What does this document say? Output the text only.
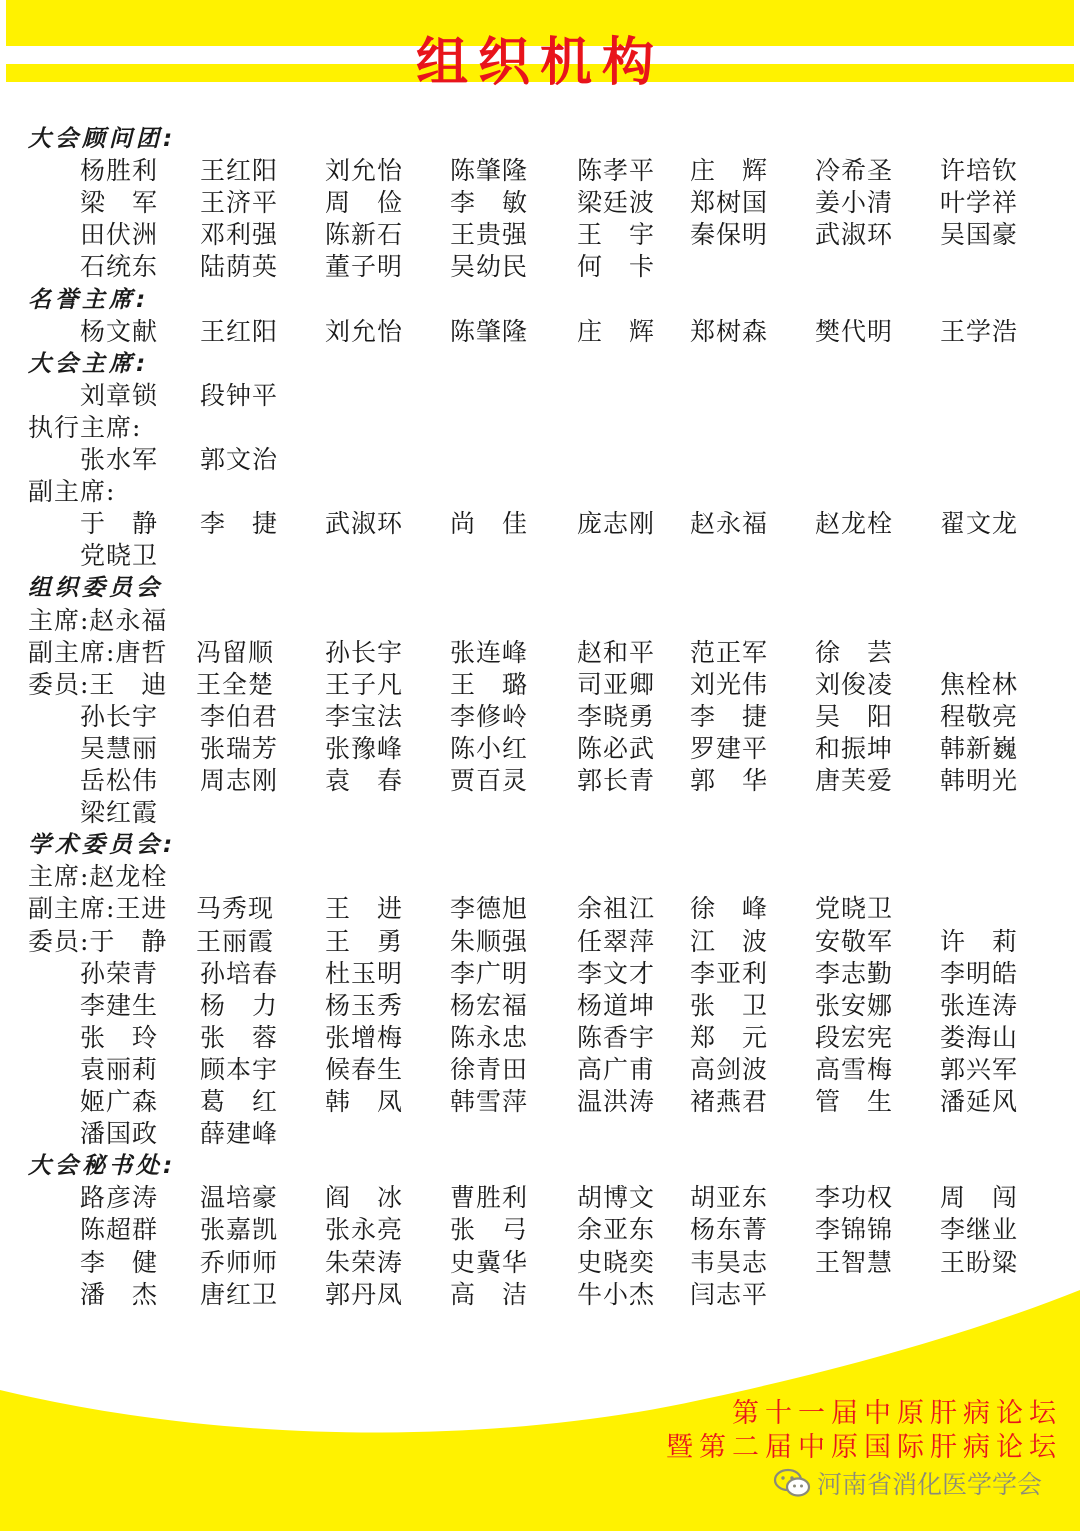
组织机构
大会顾问团:
杨胜利 王红阳 刘允怡 陈肇隆 陈孝平 庄　辉 冷希圣 许培钦
梁　军 王济平 周　俭 李　敏 梁廷波 郑树国 姜小清 叶学祥
田伏洲 邓利强 陈新石 王贵强 王　宇 秦保明 武淑环 吴国豪
石统东 陆荫英 董子明 吴幼民 何　卡
名誉主席:
杨文献 王红阳 刘允怡 陈肇隆 庄　辉 郑树森 樊代明 王学浩
大会主席:
刘章锁 段钟平
执行主席:
张水军 郭文治
副主席:
于　静 李　捷 武淑环 尚　佳 庞志刚 赵永福 赵龙栓 翟文龙
党晓卫
组织委员会
主席:赵永福
副主席:唐哲 冯留顺 孙长宇 张连峰 赵和平 范正军 徐　芸
委员:王　迪 王全楚 王子凡 王　璐 司亚卿 刘光伟 刘俊凌 焦栓林
孙长宇 李伯君 李宝法 李修岭 李晓勇 李　捷 吴　阳 程敬亮
吴慧丽 张瑞芳 张豫峰 陈小红 陈必武 罗建平 和振坤 韩新巍
岳松伟 周志刚 袁　春 贾百灵 郭长青 郭　华 唐芙爱 韩明光
梁红霞
学术委员会:
主席:赵龙栓
副主席:王进 马秀现 王　进 李德旭 余祖江 徐　峰 党晓卫
委员:于　静 王丽霞 王　勇 朱顺强 任翠萍 江　波 安敬军 许　莉
孙荣青 孙培春 杜玉明 李广明 李文才 李亚利 李志勤 李明皓
李建生 杨　力 杨玉秀 杨宏福 杨道坤 张　卫 张安娜 张连涛
张　玲 张　蓉 张增梅 陈永忠 陈香宇 郑　元 段宏宪 娄海山
袁丽莉 顾本宇 候春生 徐青田 高广甫 高剑波 高雪梅 郭兴军
姬广森 葛　红 韩　凤 韩雪萍 温洪涛 褚燕君 管　生 潘延风
潘国政 薛建峰
大会秘书处:
路彦涛 温培豪 阎　冰 曹胜利 胡博文 胡亚东 李功权 周　闯
陈超群 张嘉凯 张永亮 张　弓 余亚东 杨东菁 李锦锦 李继业
李　健 乔师师 朱荣涛 史冀华 史晓奕 韦昊志 王智慧 王盼粱
潘　杰 唐红卫 郭丹凤 高　洁 牛小杰 闫志平
第十一届中原肝病论坛
暨第二届中原国际肝病论坛
河南省消化医学学会
